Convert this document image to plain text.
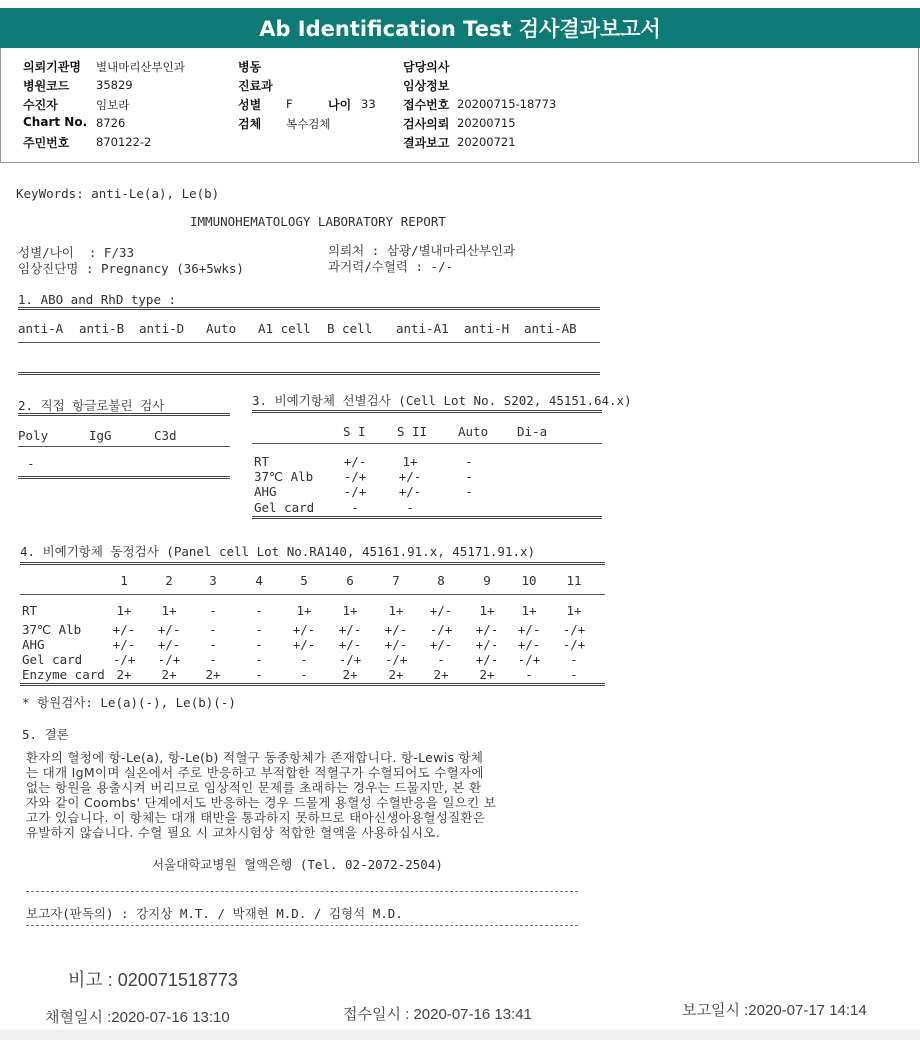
Ab Identification Test 검사결과보고서
의뢰기관명 별내마리산부인과
병원코드 35829
수진자	임보라
Chart No. 8726
주민번호 870122-2
병동
진료과
성별 F	나이 33
검체 복수검체
담당의사
임상정보
접수번호 20200715-18773
검사의뢰 20200715
결과보고 20200721
KeyWords: anti-Le(a), Le(b)
IMMUNOHEMATOLOGY LABORATORY REPORT
성별/나이  : F/33
임상진단명 : Pregnancy (36+5wks)
의뢰처 : 삼광/별내마리산부인과
과거력/수혈력 : -/-
1. ABO and RhD type :
anti-A anti-B anti-D Auto A1 cell B cell anti-A1 anti-H anti-AB
2. 직접 항글로불린 검사
Poly	IgG	C3d
-
3. 비예기항체 선별검사 (Cell Lot No. S202, 45151.64.x)
S I	S II Auto Di-a
RT	+/-	1+	-
37℃ Alb	-/+	+/-	-
AHG	-/+	+/-	-
Gel card	-	-
4. 비예기항체 동정검사 (Panel cell Lot No.RA140, 45161.91.x, 45171.91.x)
1	2	3	4	5	6	7	8	9	10	11
RT	1+	1+	-	-	1+	1+	1+	+/-	1+	1+	1+
37℃ Alb	+/-	+/-	-	-	+/-	+/-	+/-	-/+	+/-	+/-	-/+
AHG	+/-	+/-	-	-	+/-	+/-	+/-	+/-	+/-	+/-	-/+
Gel card	-/+	-/+	-	-	-	-/+	-/+	-	+/-	-/+	-
Enzyme card 2+	2+	2+	-	-	2+	2+	2+	2+	-	-
* 항원검사: Le(a)(-), Le(b)(-)
5. 결론
환자의 혈청에 항-Le(a), 항-Le(b) 적혈구 동종항체가 존재합니다. 항-Lewis 항체
는 대개 IgM이며 실온에서 주로 반응하고 부적합한 적혈구가 수혈되어도 수혈자에
없는 항원을 용출시켜 버리므로 임상적인 문제를 초래하는 경우는 드물지만, 본 환
자와 같이 Coombs' 단계에서도 반응하는 경우 드물게 용혈성 수혈반응을 일으킨 보
고가 있습니다. 이 항체는 대개 태반을 통과하지 못하므로 태아신생아용혈성질환은
유발하지 않습니다. 수혈 필요 시 교차시험상 적합한 혈액을 사용하십시오.
서울대학교병원 혈액은행 (Tel. 02-2072-2504)
보고자(판독의) : 강지상 M.T. / 박재현 M.D. / 김형석 M.D.
비고 : 020071518773
채혈일시 :2020-07-16 13:10	접수일시 : 2020-07-16 13:41	보고일시 :2020-07-17 14:14
